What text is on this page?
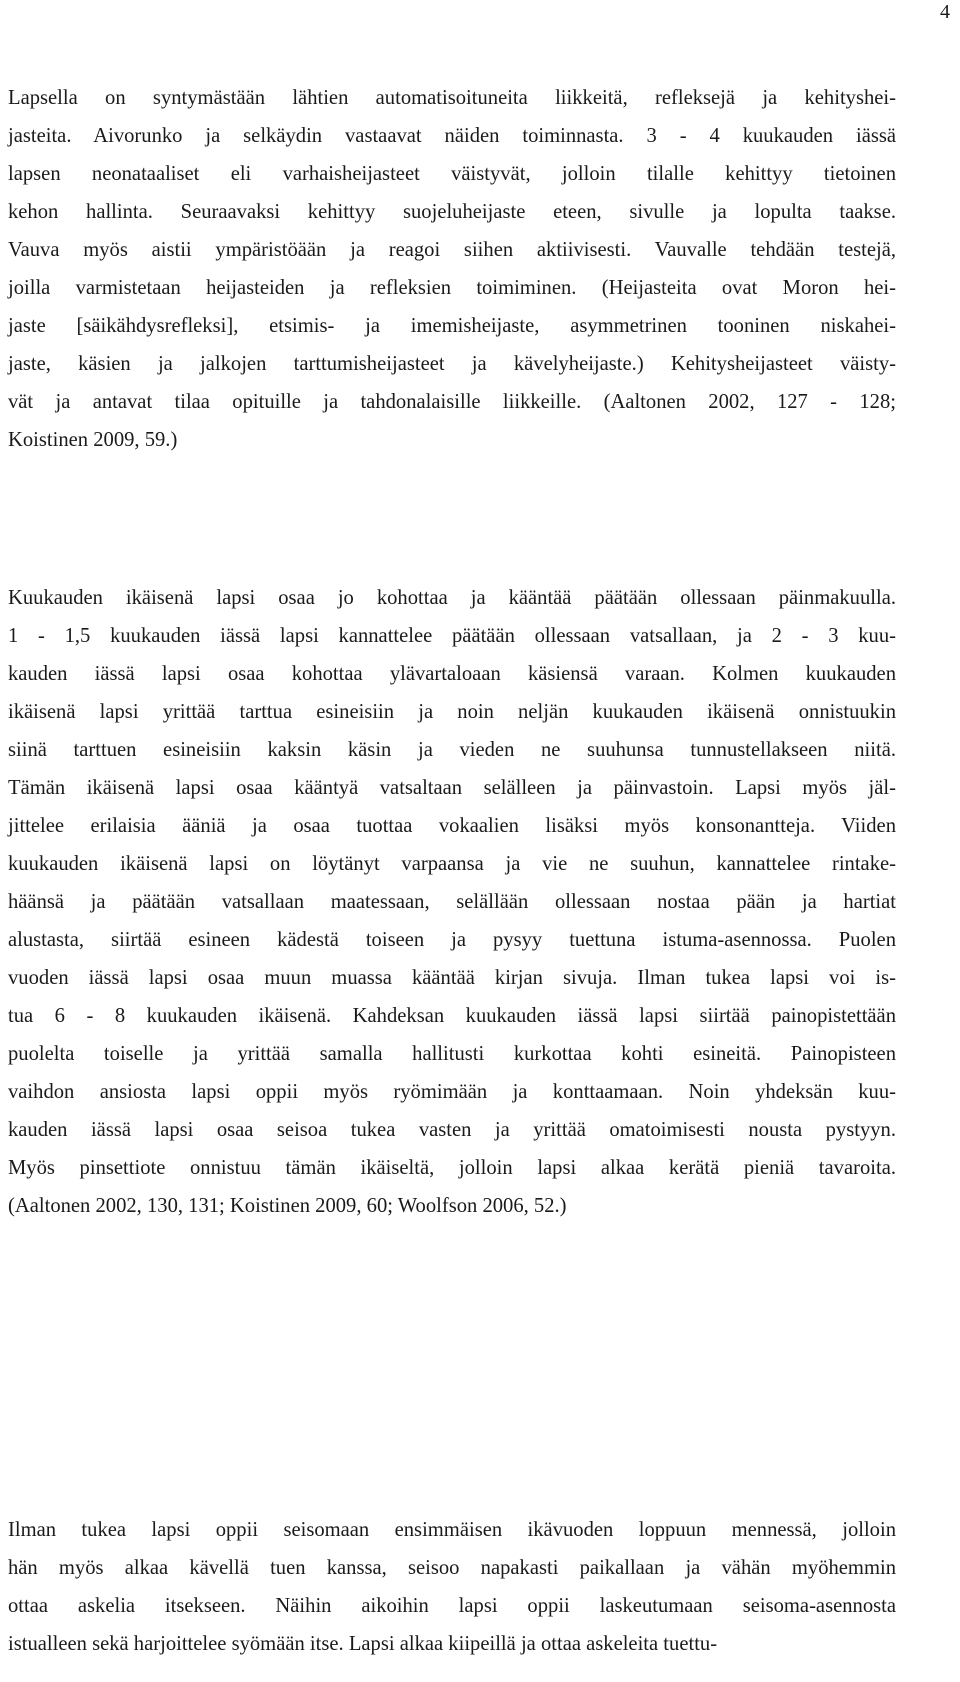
4
Lapsella on syntymästään lähtien automatisoituneita liikkeitä, refleksejä ja kehityshei-
jasteita. Aivorunko ja selkäydin vastaavat näiden toiminnasta. 3 - 4 kuukauden iässä
lapsen neonataaliset eli varhaisheijasteet väistyvät, jolloin tilalle kehittyy tietoinen
kehon hallinta. Seuraavaksi kehittyy suojeluheijaste eteen, sivulle ja lopulta taakse.
Vauva myös aistii ympäristöään ja reagoi siihen aktiivisesti. Vauvalle tehdään testejä,
joilla varmistetaan heijasteiden ja refleksien toimiminen. (Heijasteita ovat Moron hei-
jaste [säikähdysrefleksi], etsimis- ja imemisheijaste, asymmetrinen tooninen niskahei-
jaste, käsien ja jalkojen tarttumisheijasteet ja kävelyheijaste.) Kehitysheijasteet väisty-
vät ja antavat tilaa opituille ja tahdonalaisille liikkeille. (Aaltonen 2002, 127 - 128;
Koistinen 2009, 59.)
Kuukauden ikäisenä lapsi osaa jo kohottaa ja kääntää päätään ollessaan päinmakuulla.
1 - 1,5 kuukauden iässä lapsi kannattelee päätään ollessaan vatsallaan, ja 2 - 3 kuu-
kauden iässä lapsi osaa kohottaa ylävartaloaan käsiensä varaan. Kolmen kuukauden
ikäisenä lapsi yrittää tarttua esineisiin ja noin neljän kuukauden ikäisenä onnistuukin
siinä tarttuen esineisiin kaksin käsin ja vieden ne suuhunsa tunnustellakseen niitä.
Tämän ikäisenä lapsi osaa kääntyä vatsaltaan selälleen ja päinvastoin. Lapsi myös jäl-
jittelee erilaisia ääniä ja osaa tuottaa vokaalien lisäksi myös konsonantteja. Viiden
kuukauden ikäisenä lapsi on löytänyt varpaansa ja vie ne suuhun, kannattelee rintake-
häänsä ja päätään vatsallaan maatessaan, selällään ollessaan nostaa pään ja hartiat
alustasta, siirtää esineen kädestä toiseen ja pysyy tuettuna istuma-asennossa. Puolen
vuoden iässä lapsi osaa muun muassa kääntää kirjan sivuja. Ilman tukea lapsi voi is-
tua 6 - 8 kuukauden ikäisenä. Kahdeksan kuukauden iässä lapsi siirtää painopistettään
puolelta toiselle ja yrittää samalla hallitusti kurkottaa kohti esineitä. Painopisteen
vaihdon ansiosta lapsi oppii myös ryömimään ja konttaamaan. Noin yhdeksän kuu-
kauden iässä lapsi osaa seisoa tukea vasten ja yrittää omatoimisesti nousta pystyyn.
Myös pinsettiote onnistuu tämän ikäiseltä, jolloin lapsi alkaa kerätä pieniä tavaroita.
(Aaltonen 2002, 130, 131; Koistinen 2009, 60; Woolfson 2006, 52.)
Ilman tukea lapsi oppii seisomaan ensimmäisen ikävuoden loppuun mennessä, jolloin
hän myös alkaa kävellä tuen kanssa, seisoo napakasti paikallaan ja vähän myöhemmin
ottaa askelia itsekseen. Näihin aikoihin lapsi oppii laskeutumaan seisoma-asennosta
istualleen sekä harjoittelee syömään itse. Lapsi alkaa kiipeillä ja ottaa askeleita tuettu-
